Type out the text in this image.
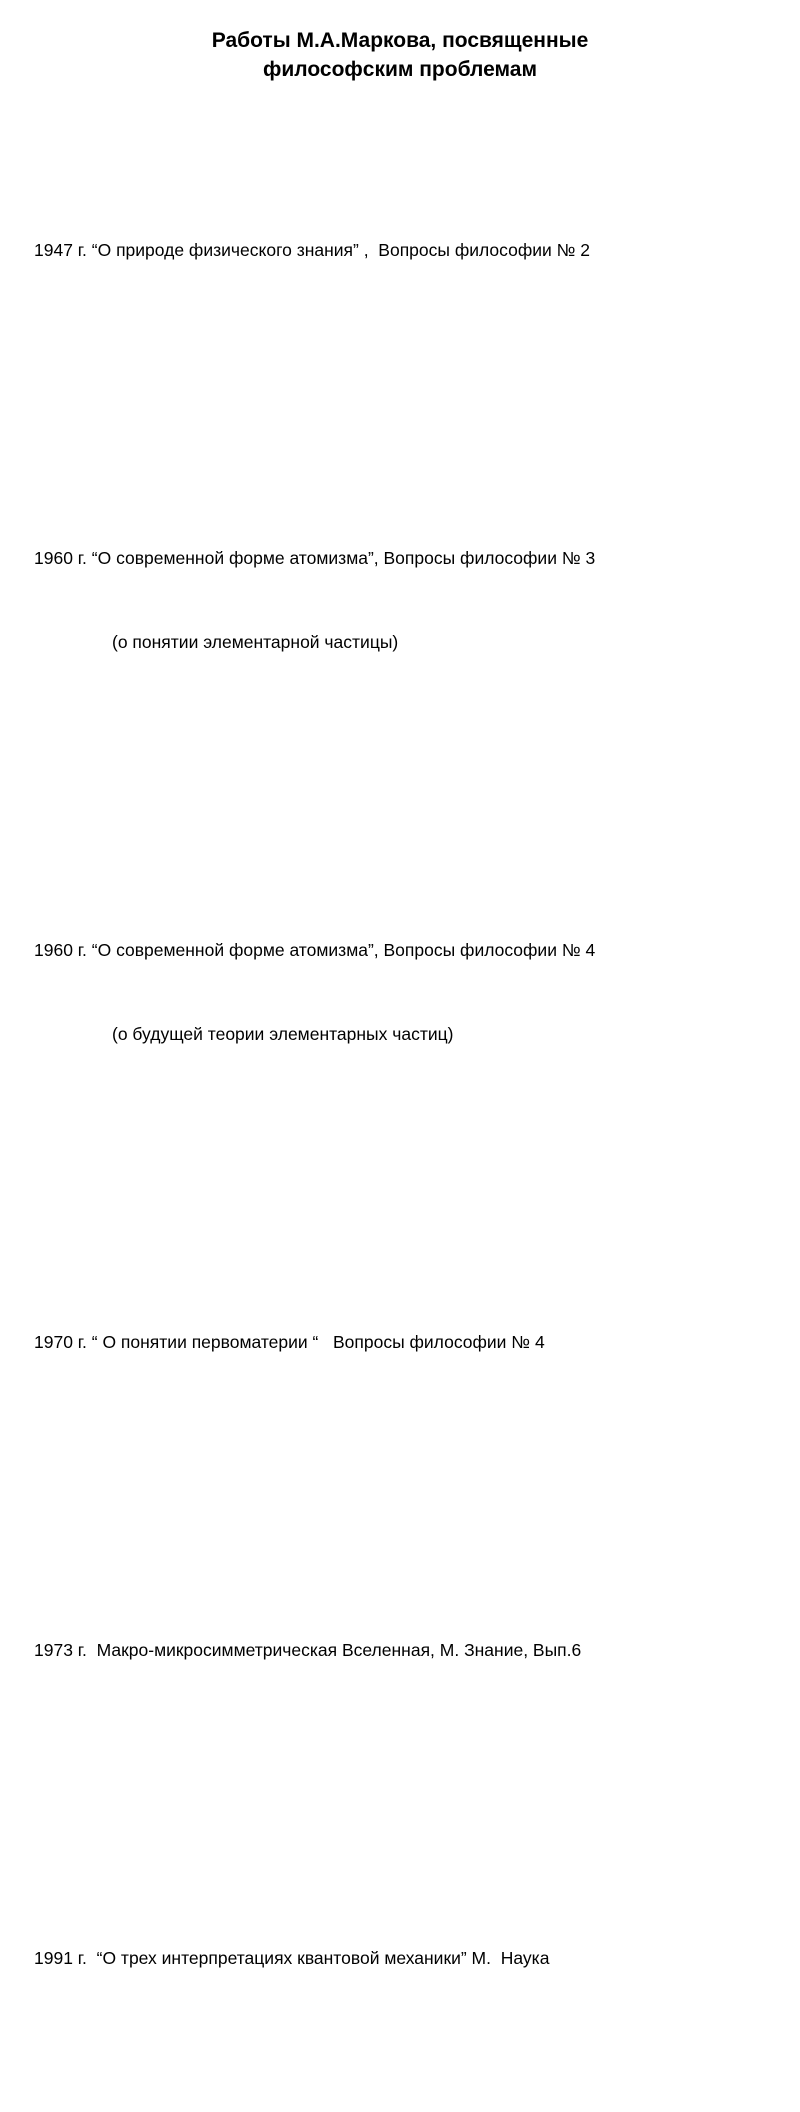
Работы М.А.Маркова, посвященные
философским проблемам

1947 г. “О природе физического знания” ,  Вопросы философии № 2

1960 г. “О современной форме атомизма”, Вопросы философии № 3

(о понятии элементарной частицы)

1960 г. “О современной форме атомизма”, Вопросы философии № 4

(о будущей теории элементарных частиц)

1970 г. “ О понятии первоматерии “   Вопросы философии № 4

1973 г.  Макро-микросимметрическая Вселенная, М. Знание, Вып.6

1991 г.  “О трех интерпретациях квантовой механики” М.  Наука
